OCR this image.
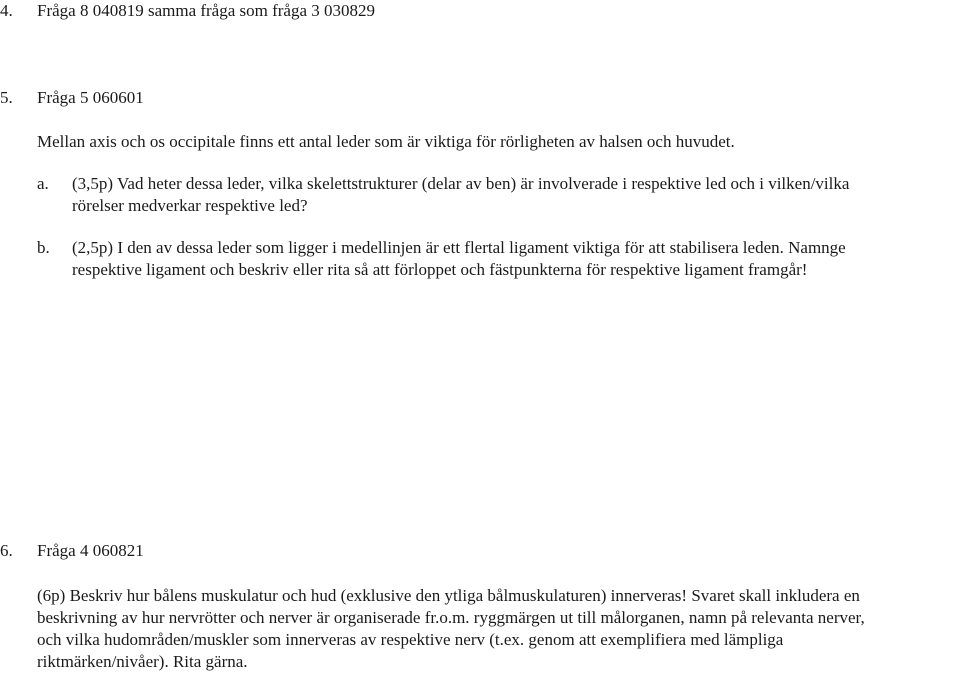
4. Fråga 8 040819 samma fråga som fråga 3 030829
5. Fråga 5 060601
Mellan axis och os occipitale finns ett antal leder som är viktiga för rörligheten av halsen och huvudet.
a. (3,5p) Vad heter dessa leder, vilka skelettstrukturer (delar av ben) är involverade i respektive led och i vilken/vilka
rörelser medverkar respektive led?
b. (2,5p) I den av dessa leder som ligger i medellinjen är ett flertal ligament viktiga för att stabilisera leden. Namnge
respektive ligament och beskriv eller rita så att förloppet och fästpunkterna för respektive ligament framgår!
6. Fråga 4 060821
(6p) Beskriv hur bålens muskulatur och hud (exklusive den ytliga bålmuskulaturen) innerveras! Svaret skall inkludera en
beskrivning av hur nervrötter och nerver är organiserade fr.o.m. ryggmärgen ut till målorganen, namn på relevanta nerver,
och vilka hudområden/muskler som innerveras av respektive nerv (t.ex. genom att exemplifiera med lämpliga
riktmärken/nivåer). Rita gärna.
